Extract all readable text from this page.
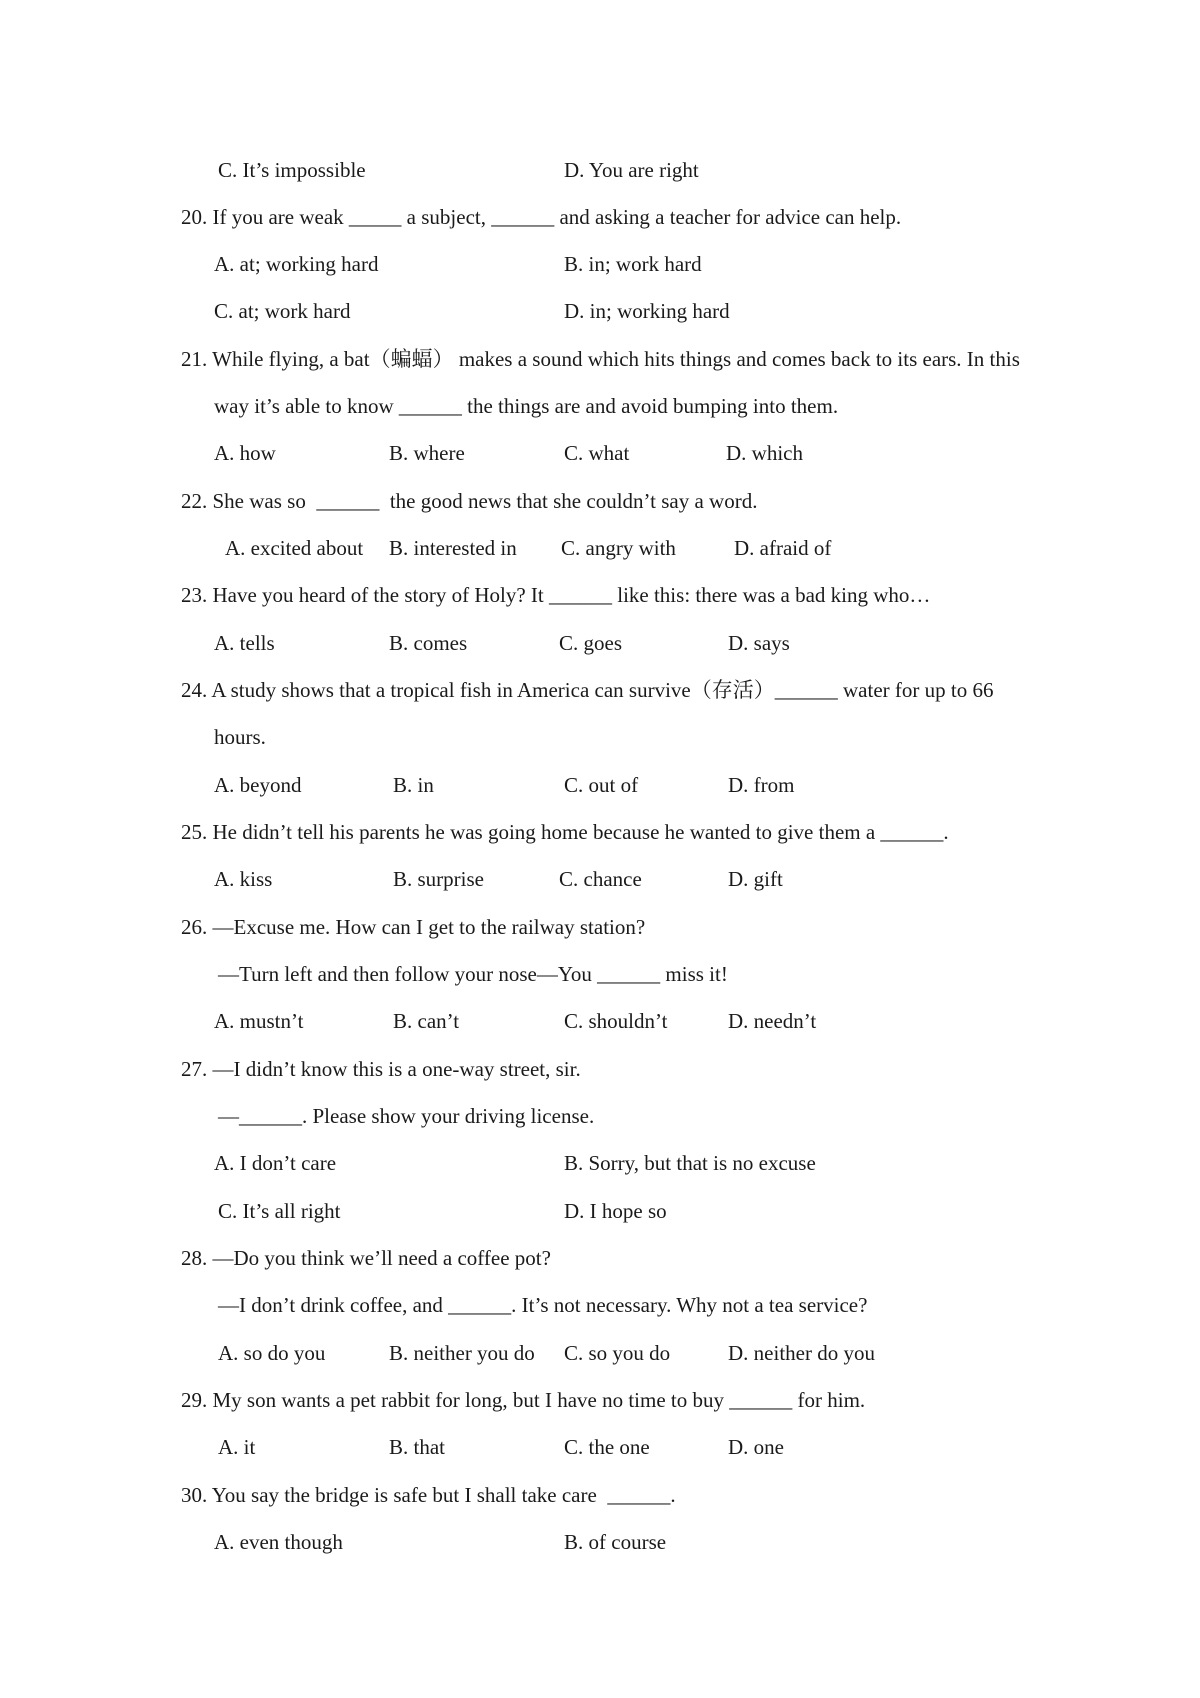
C. It’s impossible	D. You are right
20. If you are weak _____ a subject, ______ and asking a teacher for advice can help.
A. at; working hard	B. in; work hard
C. at; work hard	D. in; working hard
21. While flying, a bat（蝙蝠） makes a sound which hits things and comes back to its ears. In this
way it’s able to know ______ the things are and avoid bumping into them.
A. how	B. where	C. what	D. which
22. She was so  ______  the good news that she couldn’t say a word.
A. excited about B. interested in C. angry with	D. afraid of
23. Have you heard of the story of Holy? It ______ like this: there was a bad king who…
A. tells	B. comes	C. goes	D. says
24. A study shows that a tropical fish in America can survive（存活）______ water for up to 66
hours.
A. beyond	B. in	C. out of	D. from
25. He didn’t tell his parents he was going home because he wanted to give them a ______.
A. kiss	B. surprise	C. chance	D. gift
26. —Excuse me. How can I get to the railway station?
—Turn left and then follow your nose—You ______ miss it!
A. mustn’t	B. can’t	C. shouldn’t	D. needn’t
27. —I didn’t know this is a one-way street, sir.
—______. Please show your driving license.
A. I don’t care	B. Sorry, but that is no excuse
C. It’s all right	D. I hope so
28. —Do you think we’ll need a coffee pot?
—I don’t drink coffee, and ______. It’s not necessary. Why not a tea service?
A. so do you	B. neither you do C. so you do	D. neither do you
29. My son wants a pet rabbit for long, but I have no time to buy ______ for him.
A. it	B. that	C. the one	D. one
30. You say the bridge is safe but I shall take care  ______.
A. even though	B. of course
